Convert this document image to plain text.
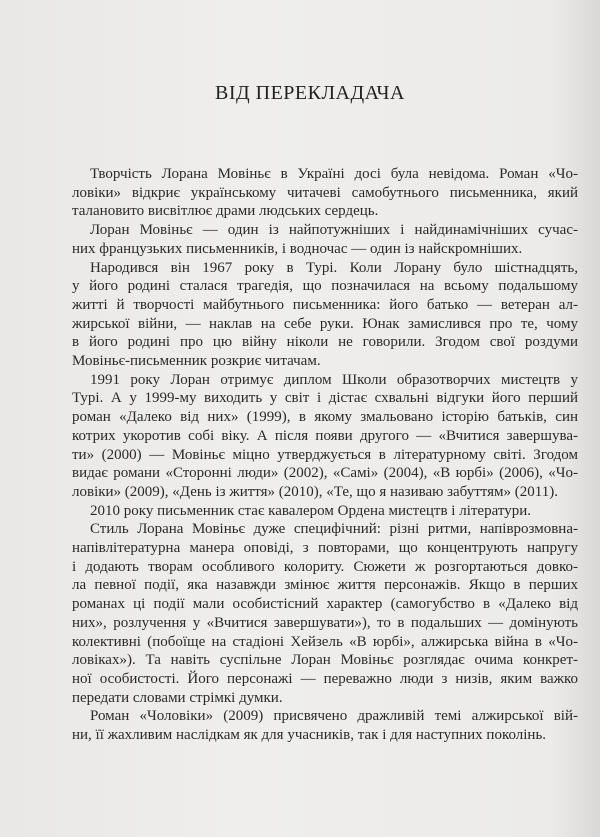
ВІД ПЕРЕКЛАДАЧА
Творчість Лорана Мовіньє в Україні досі була невідома. Роман «Чо-
ловіки» відкриє українському читачеві самобутнього письменника, який
талановито висвітлює драми людських сердець.
Лоран Мовіньє — один із найпотужніших і найдинамічніших сучас-
них французьких письменників, і водночас — один із найскромніших.
Народився він 1967 року в Турі. Коли Лорану було шістнадцять,
у його родині сталася трагедія, що позначилася на всьому подальшому
житті й творчості майбутнього письменника: його батько — ветеран ал-
жирської війни, — наклав на себе руки. Юнак замислився про те, чому
в його родині про цю війну ніколи не говорили. Згодом свої роздуми
Мовіньє-письменник розкриє читачам.
1991 року Лоран отримує диплом Школи образотворчих мистецтв у
Турі. А у 1999-му виходить у світ і дістає схвальні відгуки його перший
роман «Далеко від них» (1999), в якому змальовано історію батьків, син
котрих укоротив собі віку. А після появи другого — «Вчитися завершува-
ти» (2000) — Мовіньє міцно утверджується в літературному світі. Згодом
видає романи «Сторонні люди» (2002), «Самі» (2004), «В юрбі» (2006), «Чо-
ловіки» (2009), «День із життя» (2010), «Те, що я називаю забуттям» (2011).
2010 року письменник стає кавалером Ордена мистецтв і літератури.
Стиль Лорана Мовіньє дуже специфічний: різні ритми, напіврозмовна-
напівлітературна манера оповіді, з повторами, що концентрують напругу
і додають творам особливого колориту. Сюжети ж розгортаються довко-
ла певної події, яка назавжди змінює життя персонажів. Якщо в перших
романах ці події мали особистісний характер (самогубство в «Далеко від
них», розлучення у «Вчитися завершувати»), то в подальших — домінують
колективні (побоїще на стадіоні Хейзель «В юрбі», алжирська війна в «Чо-
ловіках»). Та навіть суспільне Лоран Мовіньє розглядає очима конкрет-
ної особистості. Його персонажі — переважно люди з низів, яким важко
передати словами стрімкі думки.
Роман «Чоловіки» (2009) присвячено дражливій темі алжирської вій-
ни, її жахливим наслідкам як для учасників, так і для наступних поколінь.
